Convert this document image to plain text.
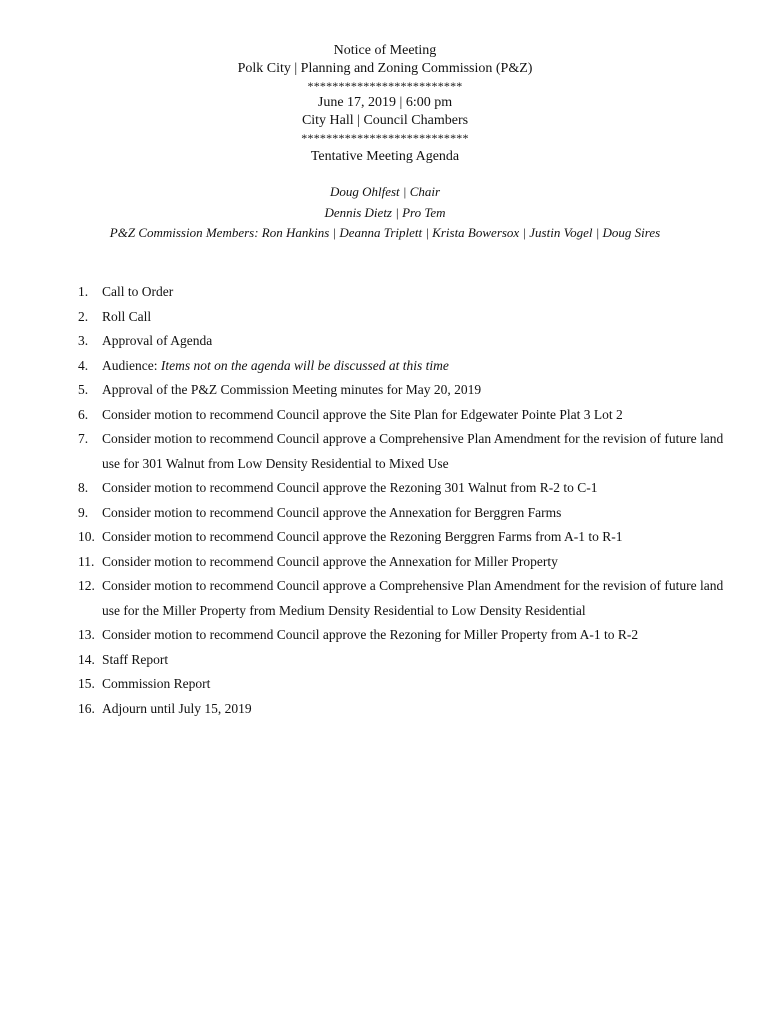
Notice of Meeting
Polk City | Planning and Zoning Commission (P&Z)
*************************
June 17, 2019 | 6:00 pm
City Hall | Council Chambers
***************************
Tentative Meeting Agenda
Doug Ohlfest | Chair
Dennis Dietz | Pro Tem
P&Z Commission Members: Ron Hankins | Deanna Triplett | Krista Bowersox | Justin Vogel | Doug Sires
1.	Call to Order
2.	Roll Call
3.	Approval of Agenda
4.	Audience: Items not on the agenda will be discussed at this time
5.	Approval of the P&Z Commission Meeting minutes for May 20, 2019
6.	Consider motion to recommend Council approve the Site Plan for Edgewater Pointe Plat 3 Lot 2
7.	Consider motion to recommend Council approve a Comprehensive Plan Amendment for the revision of future land use for 301 Walnut from Low Density Residential to Mixed Use
8.	Consider motion to recommend Council approve the Rezoning 301 Walnut from R-2 to C-1
9.	Consider motion to recommend Council approve the Annexation for Berggren Farms
10. Consider motion to recommend Council approve the Rezoning Berggren Farms from A-1 to R-1
11. Consider motion to recommend Council approve the Annexation for Miller Property
12. Consider motion to recommend Council approve a Comprehensive Plan Amendment for the revision of future land use for the Miller Property from Medium Density Residential to Low Density Residential
13. Consider motion to recommend Council approve the Rezoning for Miller Property from A-1 to R-2
14. Staff Report
15. Commission Report
16. Adjourn until July 15, 2019
